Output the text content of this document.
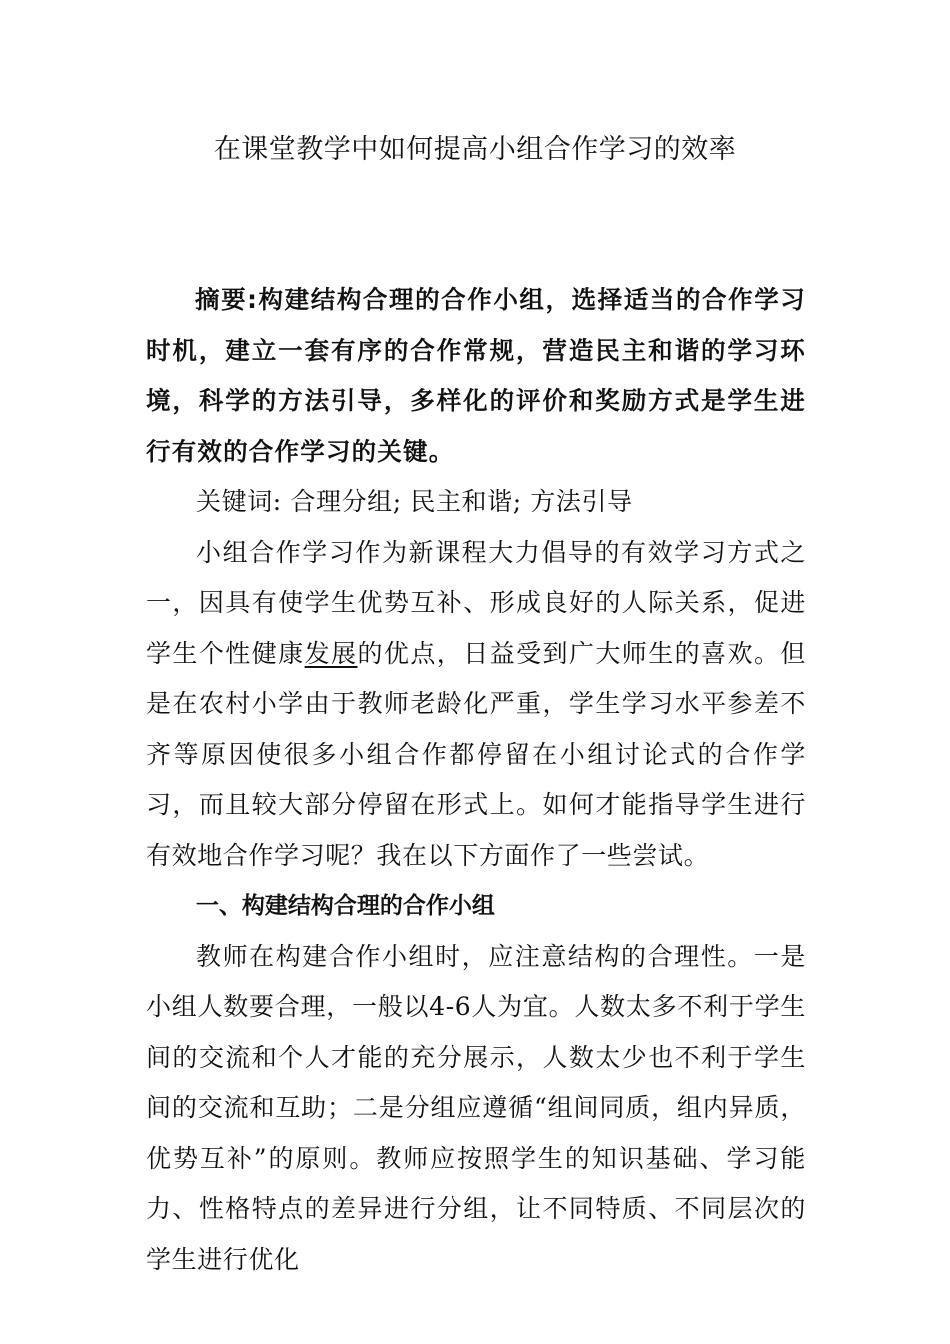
在课堂教学中如何提高小组合作学习的效率

摘要:构建结构合理的合作小组，选择适当的合作学习时机，建立一套有序的合作常规，营造民主和谐的学习环境，科学的方法引导，多样化的评价和奖励方式是学生进行有效的合作学习的关键。

关键词: 合理分组; 民主和谐; 方法引导

小组合作学习作为新课程大力倡导的有效学习方式之一，因具有使学生优势互补、形成良好的人际关系，促进学生个性健康发展的优点，日益受到广大师生的喜欢。但是在农村小学由于教师老龄化严重，学生学习水平参差不齐等原因使很多小组合作都停留在小组讨论式的合作学习，而且较大部分停留在形式上。如何才能指导学生进行有效地合作学习呢？我在以下方面作了一些尝试。

一、构建结构合理的合作小组

教师在构建合作小组时，应注意结构的合理性。一是小组人数要合理，一般以4-6人为宜。人数太多不利于学生间的交流和个人才能的充分展示，人数太少也不利于学生间的交流和互助；二是分组应遵循“组间同质，组内异质，优势互补”的原则。教师应按照学生的知识基础、学习能力、性格特点的差异进行分组，让不同特质、不同层次的学生进行优化
